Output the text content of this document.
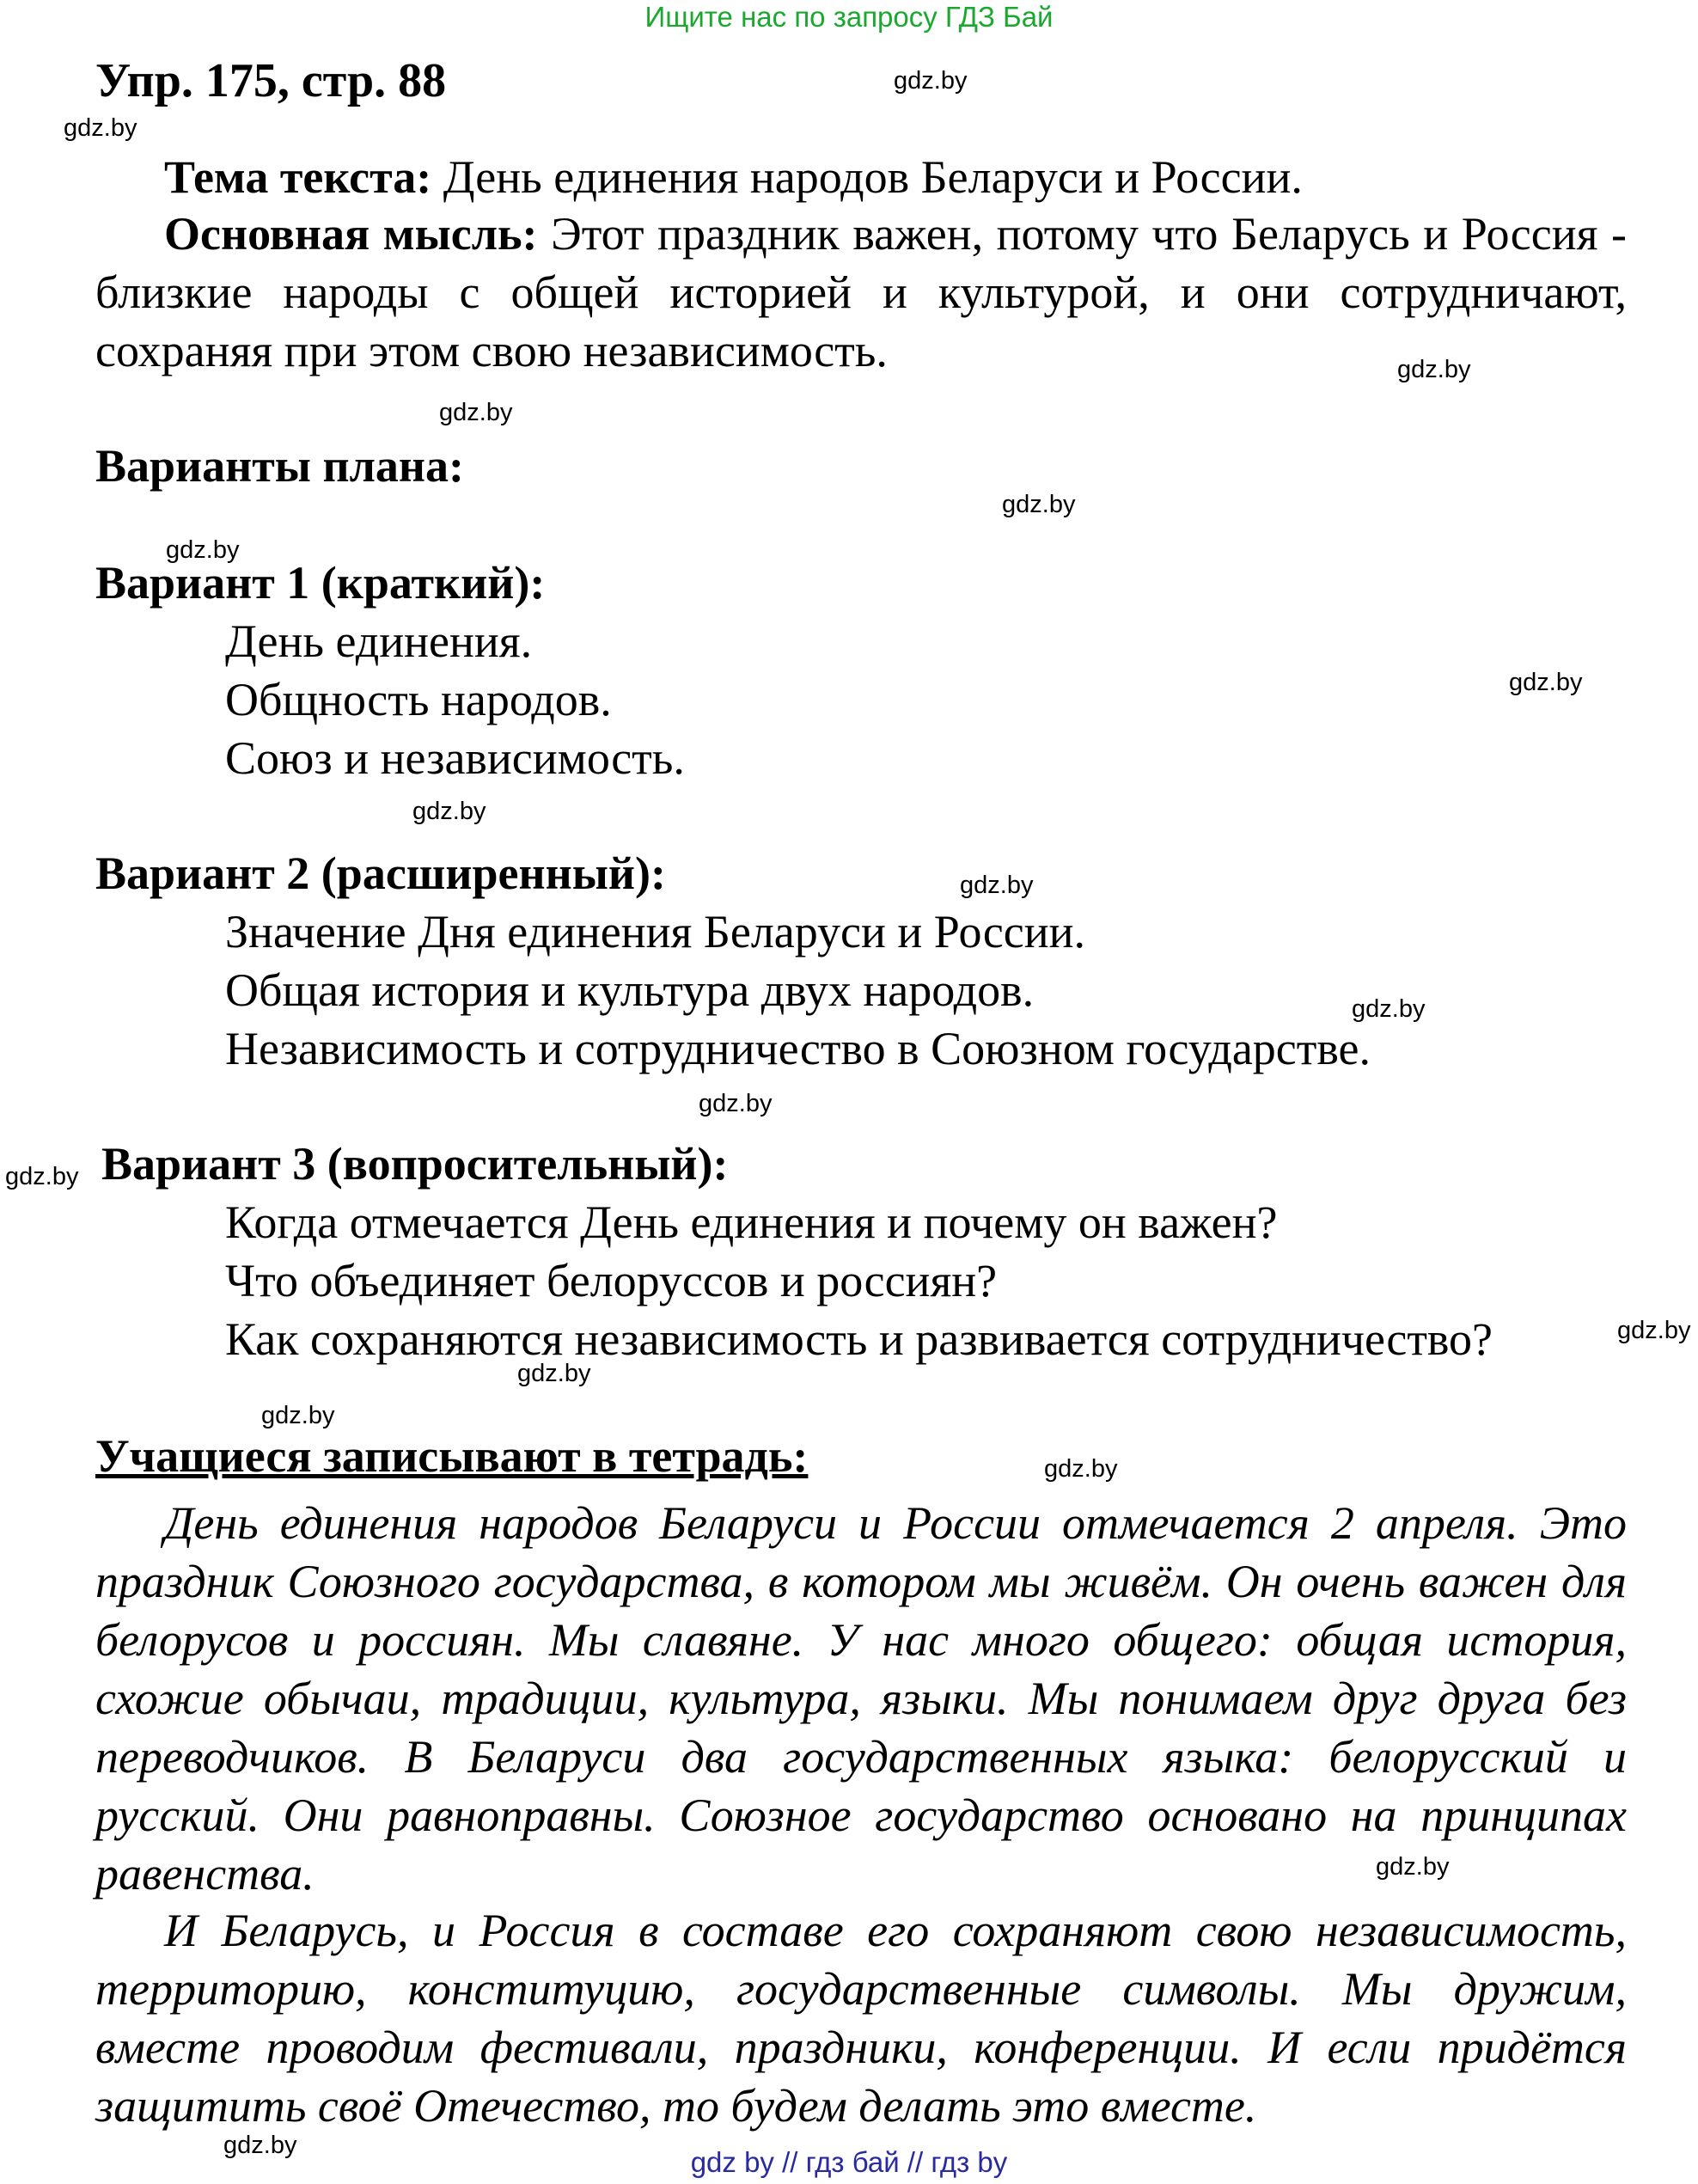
Ищите нас по запросу ГДЗ Бай
Упр. 175, стр. 88
Тема текста: День единения народов Беларуси и России.
Основная мысль: Этот праздник важен, потому что Беларусь и Россия - близкие народы с общей историей и культурой, и они сотрудничают, сохраняя при этом свою независимость.
Варианты плана:
Вариант 1 (краткий):
День единения.
Общность народов.
Союз и независимость.
Вариант 2 (расширенный):
Значение Дня единения Беларуси и России.
Общая история и культура двух народов.
Независимость и сотрудничество в Союзном государстве.
Вариант 3 (вопросительный):
Когда отмечается День единения и почему он важен?
Что объединяет белоруссов и россиян?
Как сохраняются независимость и развивается сотрудничество?
Учащиеся записывают в тетрадь:
День единения народов Беларуси и России отмечается 2 апреля. Это праздник Союзного государства, в котором мы живём. Он очень важен для белорусов и россиян. Мы славяне. У нас много общего: общая история, схожие обычаи, традиции, культура, языки. Мы понимаем друг друга без переводчиков. В Беларуси два государственных языка: белорусский и русский. Они равноправны. Союзное государство основано на принципах равенства.
И Беларусь, и Россия в составе его сохраняют свою независимость, территорию, конституцию, государственные символы. Мы дружим, вместе проводим фестивали, праздники, конференции. И если придётся защитить своё Отечество, то будем делать это вместе.
gdz.by
gdz.by
gdz.by
gdz.by
gdz.by
gdz.by
gdz.by
gdz.by
gdz.by
gdz.by
gdz.by
gdz.by
gdz.by
gdz.by
gdz.by
gdz.by
gdz.by
gdz.by
gdz by // гдз бай // гдз by
